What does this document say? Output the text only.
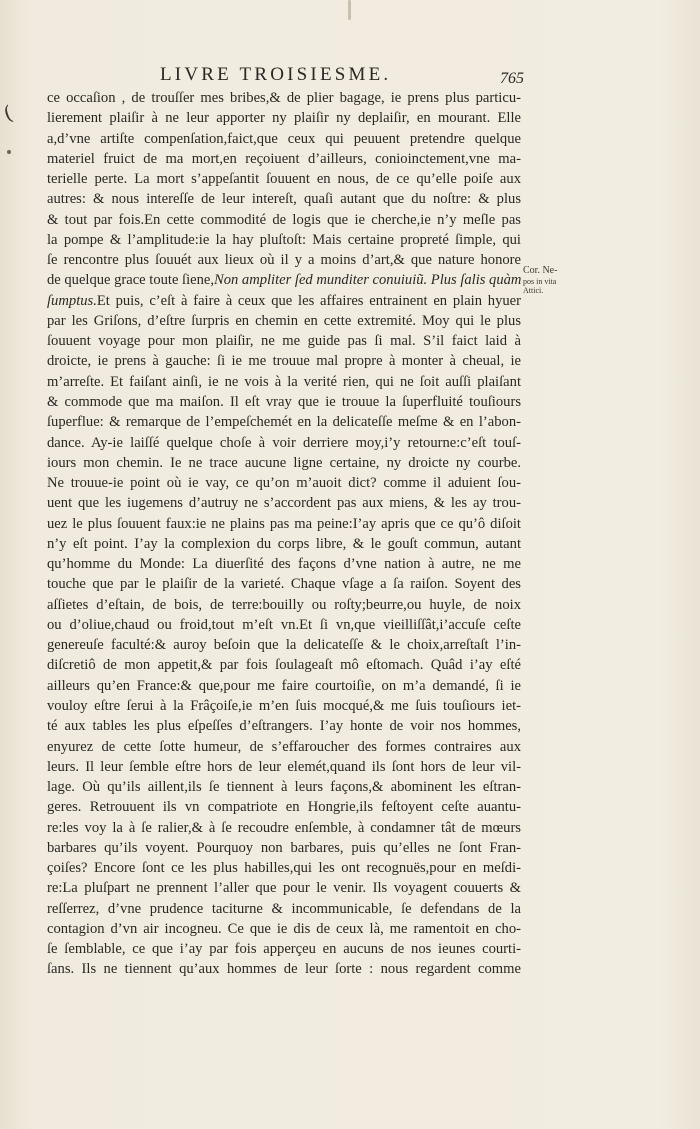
LIVRE TROISIESME.	765
(
ce occaſion , de trouſſer mes bribes,& de plier bagage, ie prens plus particu-
lierement plaiſir à ne leur apporter ny plaiſir ny deplaiſir, en mourant. Elle
a,d’vne artiſte compenſation,faict,que ceux qui peuuent pretendre quelque
materiel fruict de ma mort,en reçoiuent d’ailleurs, conioinctement,vne ma-
terielle perte. La mort s’appeſantit ſouuent en nous, de ce qu’elle poiſe aux
autres: & nous intereſſe de leur intereſt, quaſi autant que du noſtre: & plus
& tout par fois.En cette commodité de logis que ie cherche,ie n’y meſle pas
la pompe & l’amplitude:ie la hay pluſtoſt: Mais certaine propreté ſimple, qui
ſe rencontre plus ſouuét aux lieux où il y a moins d’art,& que nature honore
de quelque grace toute ſiene,Non ampliter ſed munditer conuiuiũ. Plus ſalis quàm
ſumptus.Et puis, c’eſt à faire à ceux que les affaires entrainent en plain hyuer
par les Griſons, d’eſtre ſurpris en chemin en cette extremité. Moy qui le plus
ſouuent voyage pour mon plaiſir, ne me guide pas ſi mal. S’il faict laid à
droicte, ie prens à gauche: ſi ie me trouue mal propre à monter à cheual, ie
m’arreſte. Et faiſant ainſi, ie ne vois à la verité rien, qui ne ſoit auſſi plaiſant
& commode que ma maiſon. Il eſt vray que ie trouue la ſuperfluité touſiours
ſuperflue: & remarque de l’empeſchemét en la delicateſſe meſme & en l’abon-
dance. Ay-ie laiſſé quelque choſe à voir derriere moy,i’y retourne:c’eſt touſ-
iours mon chemin. Ie ne trace aucune ligne certaine, ny droicte ny courbe.
Ne trouue-ie point où ie vay, ce qu’on m’auoit dict? comme il aduient ſou-
uent que les iugemens d’autruy ne s’accordent pas aux miens, & les ay trou-
uez le plus ſouuent faux:ie ne plains pas ma peine:I’ay apris que ce qu’ô diſoit
n’y eſt point. I’ay la complexion du corps libre, & le gouſt commun, autant
qu’homme du Monde: La diuerſité des façons d’vne nation à autre, ne me
touche que par le plaiſir de la varieté. Chaque vſage a ſa raiſon. Soyent des
aſſietes d’eſtain, de bois, de terre:bouilly ou roſty;beurre,ou huyle, de noix
ou d’oliue,chaud ou froid,tout m’eſt vn.Et ſi vn,que vieilliſſât,i’accuſe ceſte
genereuſe faculté:& auroy beſoin que la delicateſſe & le choix,arreſtaſt l’in-
diſcretiô de mon appetit,& par fois ſoulageaſt mô eſtomach. Quâd i’ay eſté
ailleurs qu’en France:& que,pour me faire courtoiſie, on m’a demandé, ſi ie
vouloy eſtre ſerui à la Frâçoiſe,ie m’en ſuis mocqué,& me ſuis touſiours iet-
té aux tables les plus eſpeſſes d’eſtrangers. I’ay honte de voir nos hommes,
enyurez de cette ſotte humeur, de s’effaroucher des formes contraires aux
leurs. Il leur ſemble eſtre hors de leur elemét,quand ils ſont hors de leur vil-
lage. Où qu’ils aillent,ils ſe tiennent à leurs façons,& abominent les eſtran-
geres. Retrouuent ils vn compatriote en Hongrie,ils feſtoyent ceſte auantu-
re:les voy la à ſe ralier,& à ſe recoudre enſemble, à condamner tât de mœurs
barbares qu’ils voyent. Pourquoy non barbares, puis qu’elles ne ſont Fran-
çoiſes? Encore ſont ce les plus habilles,qui les ont recognuës,pour en meſdi-
re:La pluſpart ne prennent l’aller que pour le venir. Ils voyagent couuerts &
reſſerrez, d’vne prudence taciturne & incommunicable, ſe defendans de la
contagion d’vn air incogneu. Ce que ie dis de ceux là, me ramentoit en cho-
ſe ſemblable, ce que i’ay par fois apperçeu en aucuns de nos ieunes courti-
ſans. Ils ne tiennent qu’aux hommes de leur ſorte : nous regardent comme
Cor. Ne-
pos in vita
Attici.
